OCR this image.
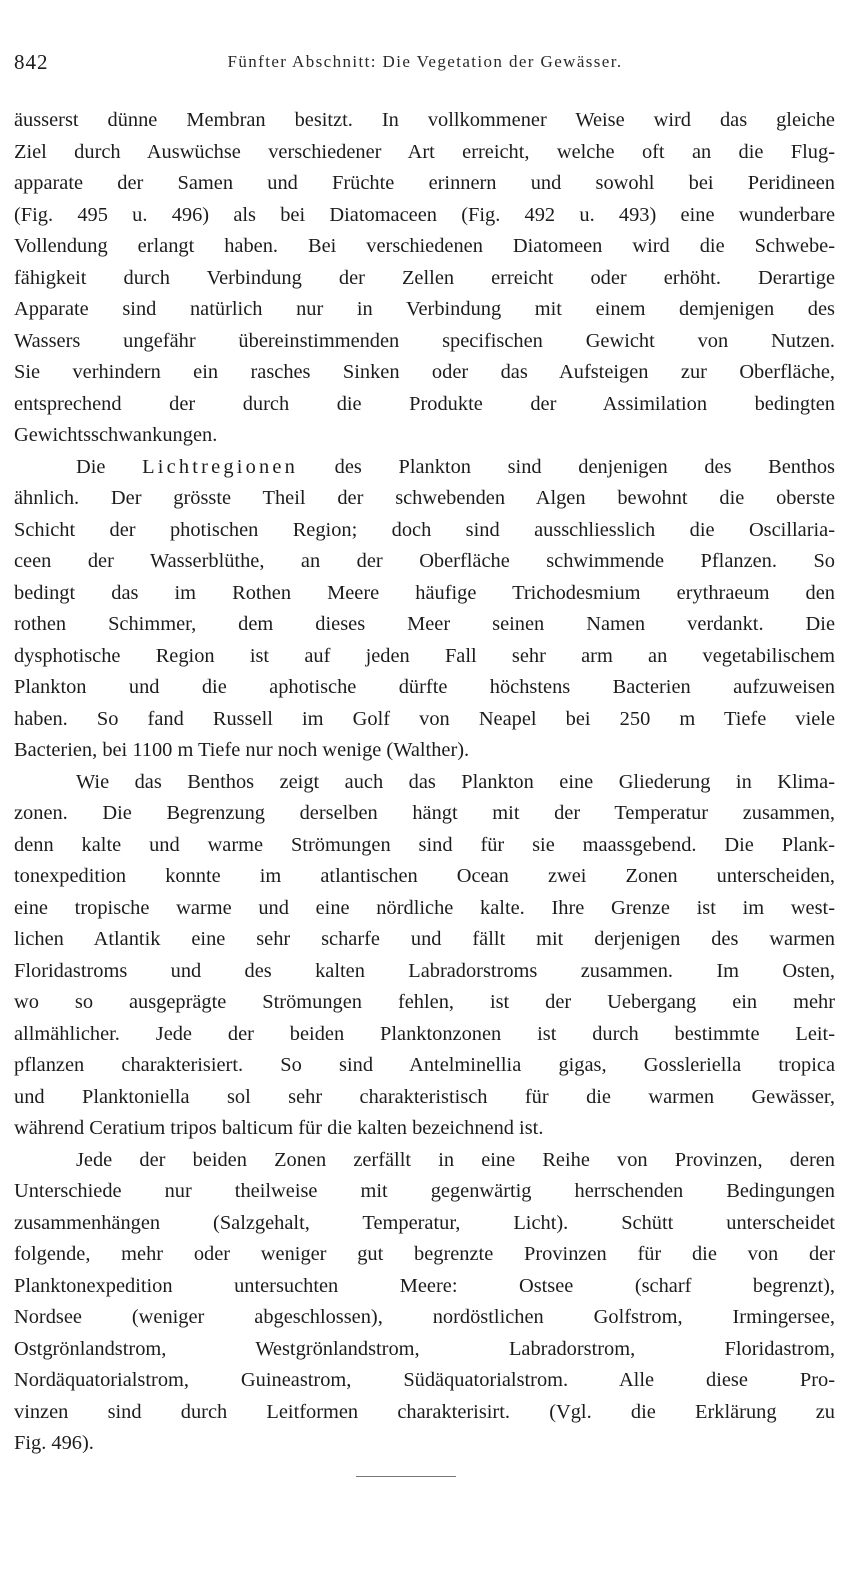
842	Fünfter Abschnitt: Die Vegetation der Gewässer.
äusserst dünne Membran besitzt. In vollkommener Weise wird das gleiche
Ziel durch Auswüchse verschiedener Art erreicht, welche oft an die Flug-
apparate der Samen und Früchte erinnern und sowohl bei Peridineen
(Fig. 495 u. 496) als bei Diatomaceen (Fig. 492 u. 493) eine wunderbare
Vollendung erlangt haben. Bei verschiedenen Diatomeen wird die Schwebe-
fähigkeit durch Verbindung der Zellen erreicht oder erhöht. Derartige
Apparate sind natürlich nur in Verbindung mit einem demjenigen des
Wassers ungefähr übereinstimmenden specifischen Gewicht von Nutzen.
Sie verhindern ein rasches Sinken oder das Aufsteigen zur Oberfläche,
entsprechend der durch die Produkte der Assimilation bedingten
Gewichtsschwankungen.
Die Lichtregionen des Plankton sind denjenigen des Benthos
ähnlich. Der grösste Theil der schwebenden Algen bewohnt die oberste
Schicht der photischen Region; doch sind ausschliesslich die Oscillaria-
ceen der Wasserblüthe, an der Oberfläche schwimmende Pflanzen. So
bedingt das im Rothen Meere häufige Trichodesmium erythraeum den
rothen Schimmer, dem dieses Meer seinen Namen verdankt. Die
dysphotische Region ist auf jeden Fall sehr arm an vegetabilischem
Plankton und die aphotische dürfte höchstens Bacterien aufzuweisen
haben. So fand Russell im Golf von Neapel bei 250 m Tiefe viele
Bacterien, bei 1100 m Tiefe nur noch wenige (Walther).
Wie das Benthos zeigt auch das Plankton eine Gliederung in Klima-
zonen. Die Begrenzung derselben hängt mit der Temperatur zusammen,
denn kalte und warme Strömungen sind für sie maassgebend. Die Plank-
tonexpedition konnte im atlantischen Ocean zwei Zonen unterscheiden,
eine tropische warme und eine nördliche kalte. Ihre Grenze ist im west-
lichen Atlantik eine sehr scharfe und fällt mit derjenigen des warmen
Floridastroms und des kalten Labradorstroms zusammen. Im Osten,
wo so ausgeprägte Strömungen fehlen, ist der Uebergang ein mehr
allmählicher. Jede der beiden Planktonzonen ist durch bestimmte Leit-
pflanzen charakterisiert. So sind Antelminellia gigas, Gossleriella tropica
und Planktoniella sol sehr charakteristisch für die warmen Gewässer,
während Ceratium tripos balticum für die kalten bezeichnend ist.
Jede der beiden Zonen zerfällt in eine Reihe von Provinzen, deren
Unterschiede nur theilweise mit gegenwärtig herrschenden Bedingungen
zusammenhängen (Salzgehalt, Temperatur, Licht). Schütt unterscheidet
folgende, mehr oder weniger gut begrenzte Provinzen für die von der
Planktonexpedition untersuchten Meere: Ostsee (scharf begrenzt),
Nordsee (weniger abgeschlossen), nordöstlichen Golfstrom, Irmingersee,
Ostgrönlandstrom, Westgrönlandstrom, Labradorstrom, Floridastrom,
Nordäquatorialstrom, Guineastrom, Südäquatorialstrom. Alle diese Pro-
vinzen sind durch Leitformen charakterisirt. (Vgl. die Erklärung zu
Fig. 496).
